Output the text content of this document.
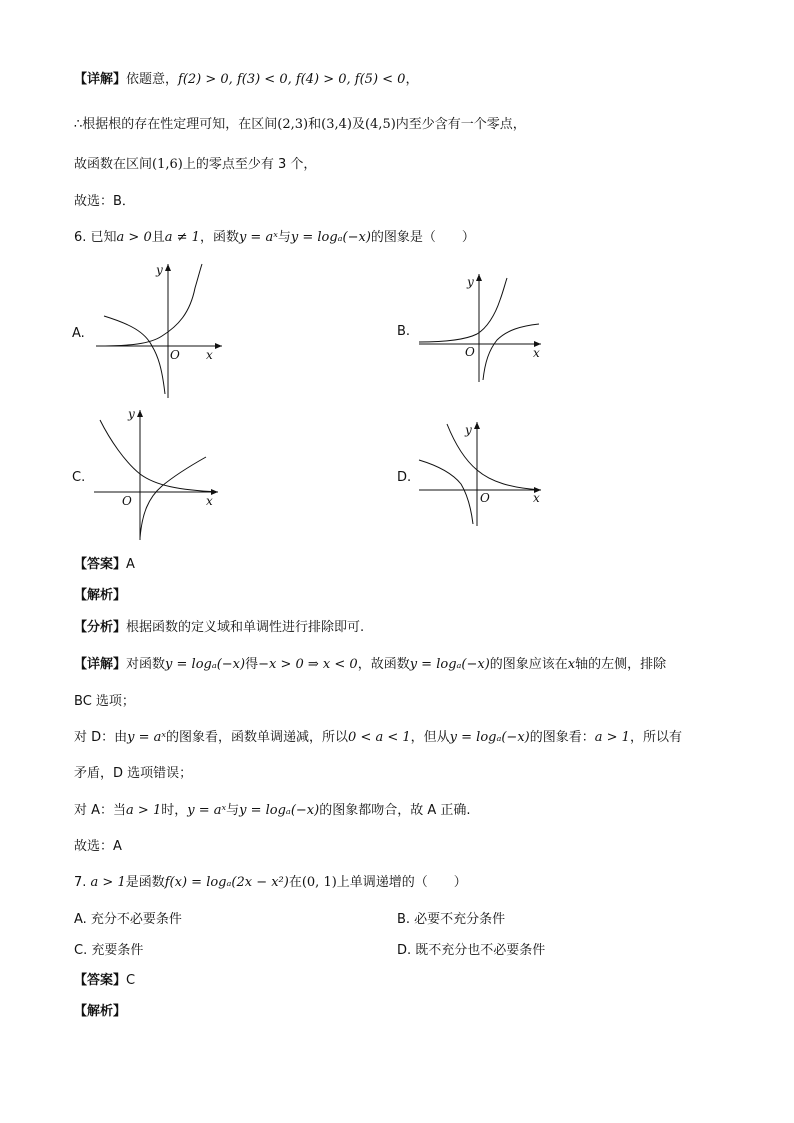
【详解】依题意，f(2) > 0, f(3) < 0, f(4) > 0, f(5) < 0，
∴根据根的存在性定理可知，在区间(2,3)和(3,4)及(4,5)内至少含有一个零点，
故函数在区间(1,6)上的零点至少有 3 个，
故选：B．
6. 已知a > 0且a ≠ 1，函数y = aˣ与y = logₐ(−x)的图象是（　　）
A.
y
x
O
B.
y
x
O
C.
y
x
O
D.
y
x
O
【答案】A
【解析】
【分析】根据函数的定义域和单调性进行排除即可.
【详解】对函数y = logₐ(−x)得−x > 0 ⇒ x < 0，故函数y = logₐ(−x)的图象应该在x轴的左侧，排除
BC 选项；
对 D：由y = aˣ的图象看，函数单调递减，所以0 < a < 1，但从y = logₐ(−x)的图象看：a > 1，所以有
矛盾，D 选项错误；
对 A：当a > 1时，y = aˣ与y = logₐ(−x)的图象都吻合，故 A 正确.
故选：A
7. a > 1是函数f(x) = logₐ(2x − x²)在(0, 1)上单调递增的（　　）
A. 充分不必要条件	B. 必要不充分条件
C. 充要条件	D. 既不充分也不必要条件
【答案】C
【解析】
